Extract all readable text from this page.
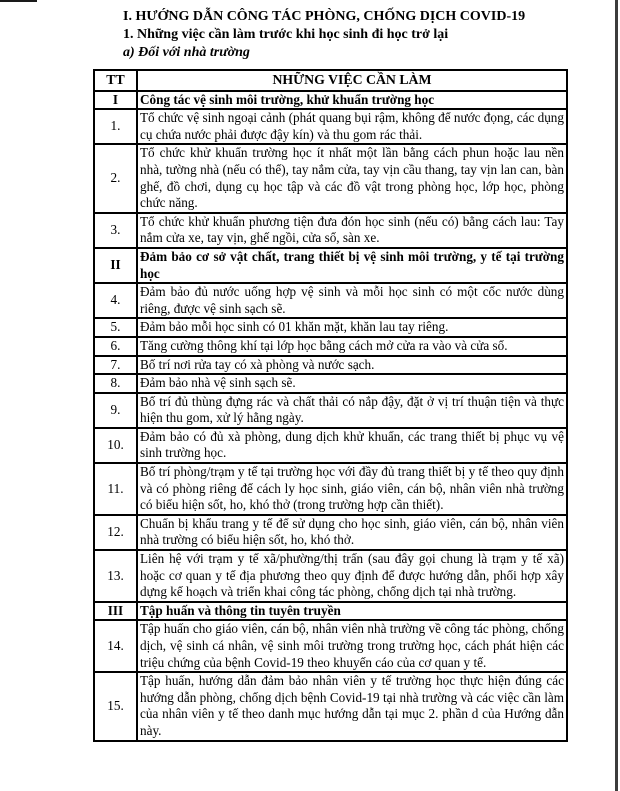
I. HƯỚNG DẪN CÔNG TÁC PHÒNG, CHỐNG DỊCH COVID-19
1. Những việc cần làm trước khi học sinh đi học trở lại
a) Đối với nhà trường
TT	NHỮNG VIỆC CẦN LÀM
I	Công tác vệ sinh môi trường, khử khuẩn trường học
1.	Tổ chức vệ sinh ngoại cảnh (phát quang bụi rậm, không để nước đọng, các dụng cụ chứa nước phải được đậy kín) và thu gom rác thải.
2.	Tổ chức khử khuẩn trường học ít nhất một lần bằng cách phun hoặc lau nền nhà, tường nhà (nếu có thể), tay nắm cửa, tay vịn cầu thang, tay vịn lan can, bàn ghế, đồ chơi, dụng cụ học tập và các đồ vật trong phòng học, lớp học, phòng chức năng.
3.	Tổ chức khử khuẩn phương tiện đưa đón học sinh (nếu có) bằng cách lau: Tay nắm cửa xe, tay vịn, ghế ngồi, cửa sổ, sàn xe.
II	Đảm bảo cơ sở vật chất, trang thiết bị vệ sinh môi trường, y tế tại trường học
4.	Đảm bảo đủ nước uống hợp vệ sinh và mỗi học sinh có một cốc nước dùng riêng, được vệ sinh sạch sẽ.
5.	Đảm bảo mỗi học sinh có 01 khăn mặt, khăn lau tay riêng.
6.	Tăng cường thông khí tại lớp học bằng cách mở cửa ra vào và cửa sổ.
7.	Bố trí nơi rửa tay có xà phòng và nước sạch.
8.	Đảm bảo nhà vệ sinh sạch sẽ.
9.	Bố trí đủ thùng đựng rác và chất thải có nắp đậy, đặt ở vị trí thuận tiện và thực hiện thu gom, xử lý hằng ngày.
10.	Đảm bảo có đủ xà phòng, dung dịch khử khuẩn, các trang thiết bị phục vụ vệ sinh trường học.
11.	Bố trí phòng/trạm y tế tại trường học với đầy đủ trang thiết bị y tế theo quy định và có phòng riêng để cách ly học sinh, giáo viên, cán bộ, nhân viên nhà trường có biểu hiện sốt, ho, khó thở (trong trường hợp cần thiết).
12.	Chuẩn bị khẩu trang y tế để sử dụng cho học sinh, giáo viên, cán bộ, nhân viên nhà trường có biểu hiện sốt, ho, khó thở.
13.	Liên hệ với trạm y tế xã/phường/thị trấn (sau đây gọi chung là trạm y tế xã) hoặc cơ quan y tế địa phương theo quy định để được hướng dẫn, phối hợp xây dựng kế hoạch và triển khai công tác phòng, chống dịch tại nhà trường.
III	Tập huấn và thông tin tuyên truyền
14.	Tập huấn cho giáo viên, cán bộ, nhân viên nhà trường về công tác phòng, chống dịch, vệ sinh cá nhân, vệ sinh môi trường trong trường học, cách phát hiện các triệu chứng của bệnh Covid-19 theo khuyến cáo của cơ quan y tế.
15.	Tập huấn, hướng dẫn đảm bảo nhân viên y tế trường học thực hiện đúng các hướng dẫn phòng, chống dịch bệnh Covid-19 tại nhà trường và các việc cần làm của nhân viên y tế theo danh mục hướng dẫn tại mục 2. phần d của Hướng dẫn này.
